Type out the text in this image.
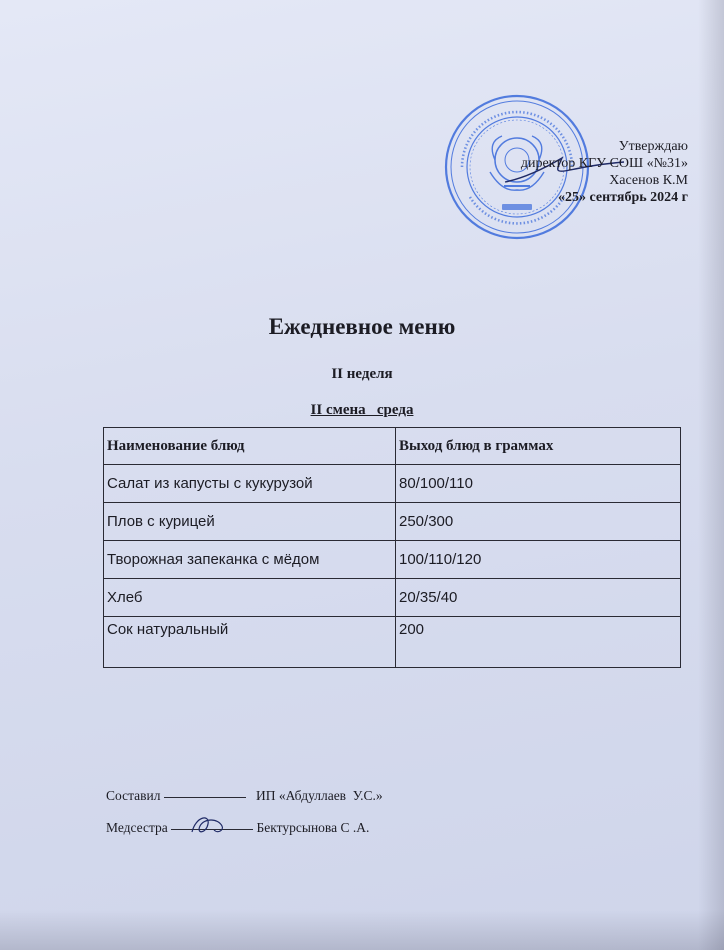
Утверждаю
директор КГУ СОШ «№31»
Хасенов К.М
«25» сентябрь 2024 г
Ежедневное меню
II неделя
II смена   среда
Наименование блюд	Выход блюд в граммах
Салат из капусты с кукурузой	80/100/110
Плов с курицей	250/300
Творожная запеканка с мёдом	100/110/120
Хлеб	20/35/40
Сок натуральный	200
Составил	ИП «Абдуллаев  У.С.»
Медсестра	Бектурсынова С .А.
